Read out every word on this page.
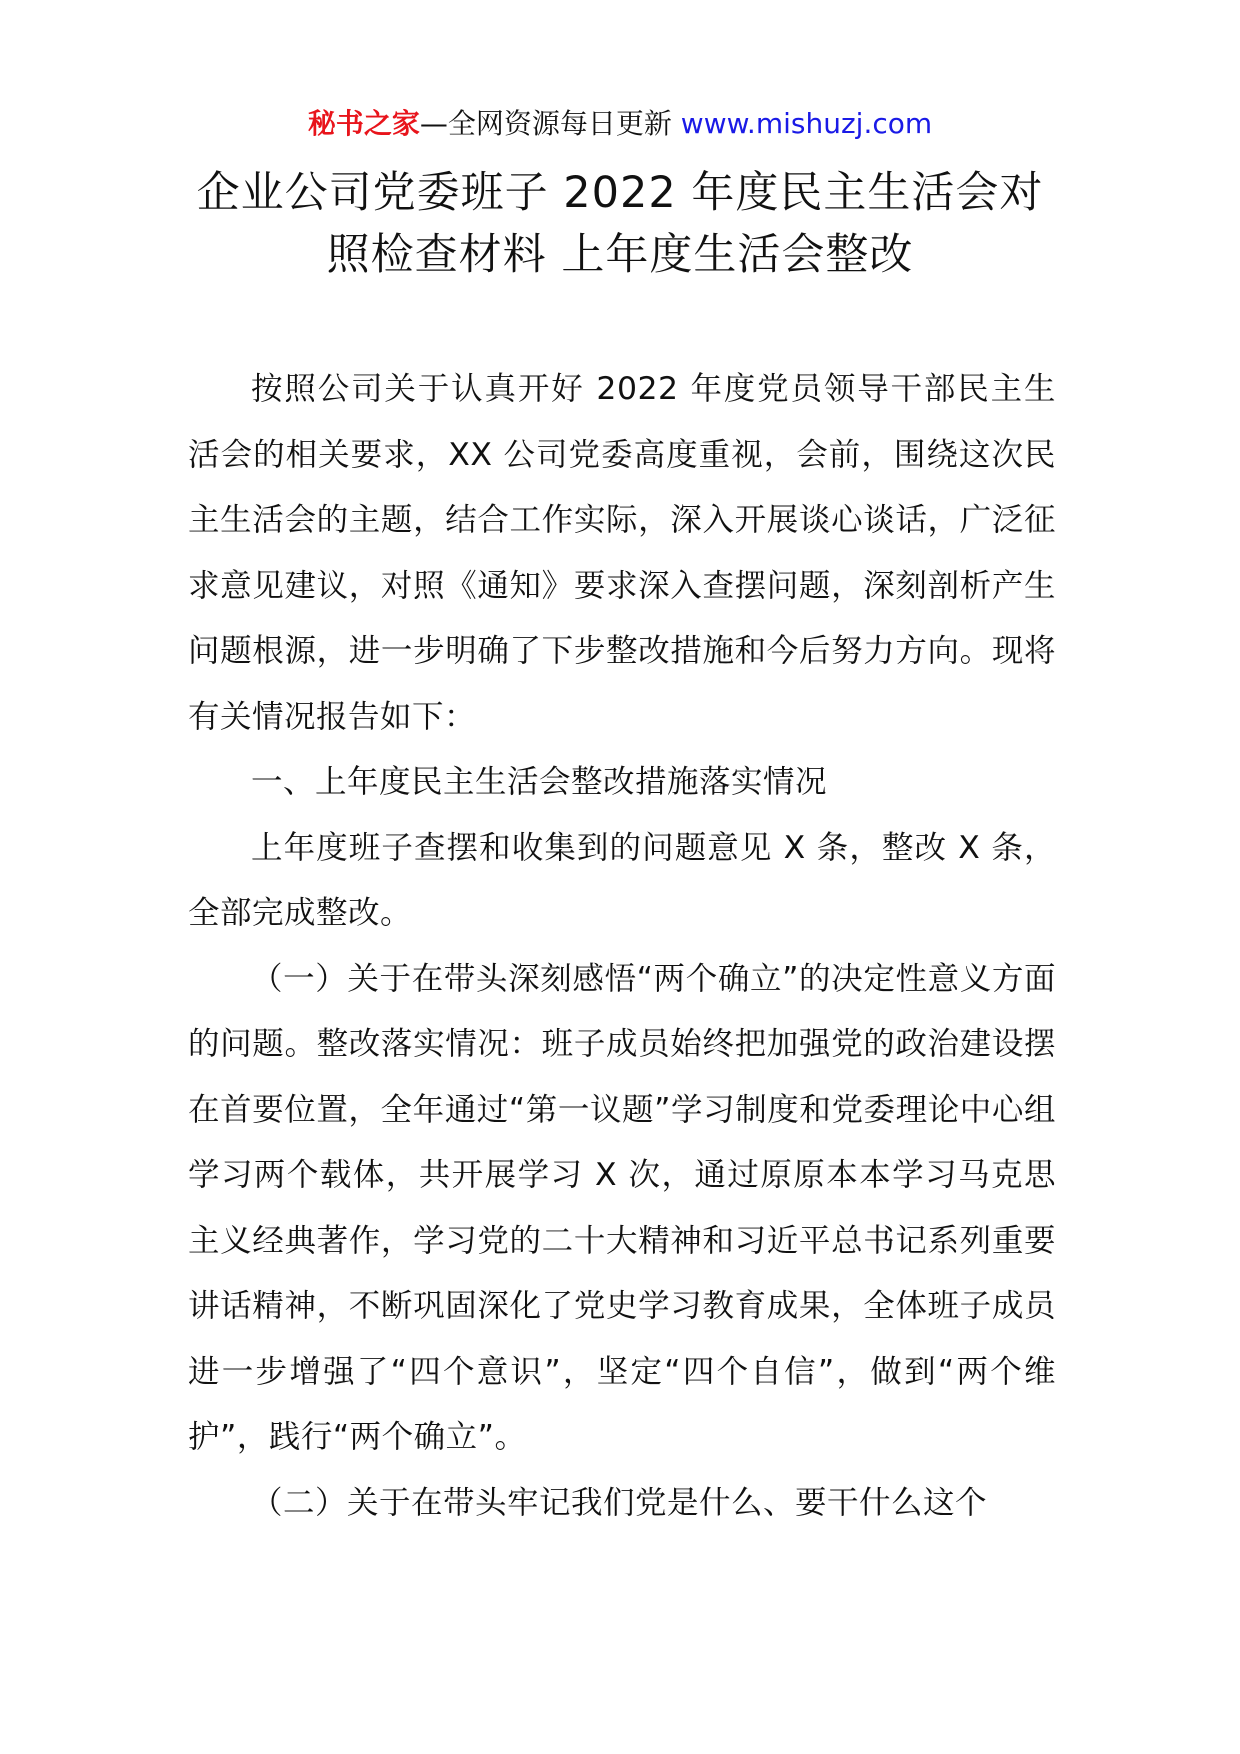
秘书之家—全网资源每日更新 www.mishuzj.com
企业公司党委班子 2022 年度民主生活会对
照检查材料 上年度生活会整改

按照公司关于认真开好 2022 年度党员领导干部民主生活会的相关要求，XX 公司党委高度重视，会前，围绕这次民主生活会的主题，结合工作实际，深入开展谈心谈话，广泛征求意见建议，对照《通知》要求深入查摆问题，深刻剖析产生问题根源，进一步明确了下步整改措施和今后努力方向。现将有关情况报告如下：

一、上年度民主生活会整改措施落实情况

上年度班子查摆和收集到的问题意见 X 条，整改 X 条，全部完成整改。

（一）关于在带头深刻感悟“两个确立”的决定性意义方面的问题。整改落实情况：班子成员始终把加强党的政治建设摆在首要位置，全年通过“第一议题”学习制度和党委理论中心组学习两个载体，共开展学习 X 次，通过原原本本学习马克思主义经典著作，学习党的二十大精神和习近平总书记系列重要讲话精神，不断巩固深化了党史学习教育成果，全体班子成员进一步增强了“四个意识”，坚定“四个自信”，做到“两个维护”，践行“两个确立”。

（二）关于在带头牢记我们党是什么、要干什么这个
